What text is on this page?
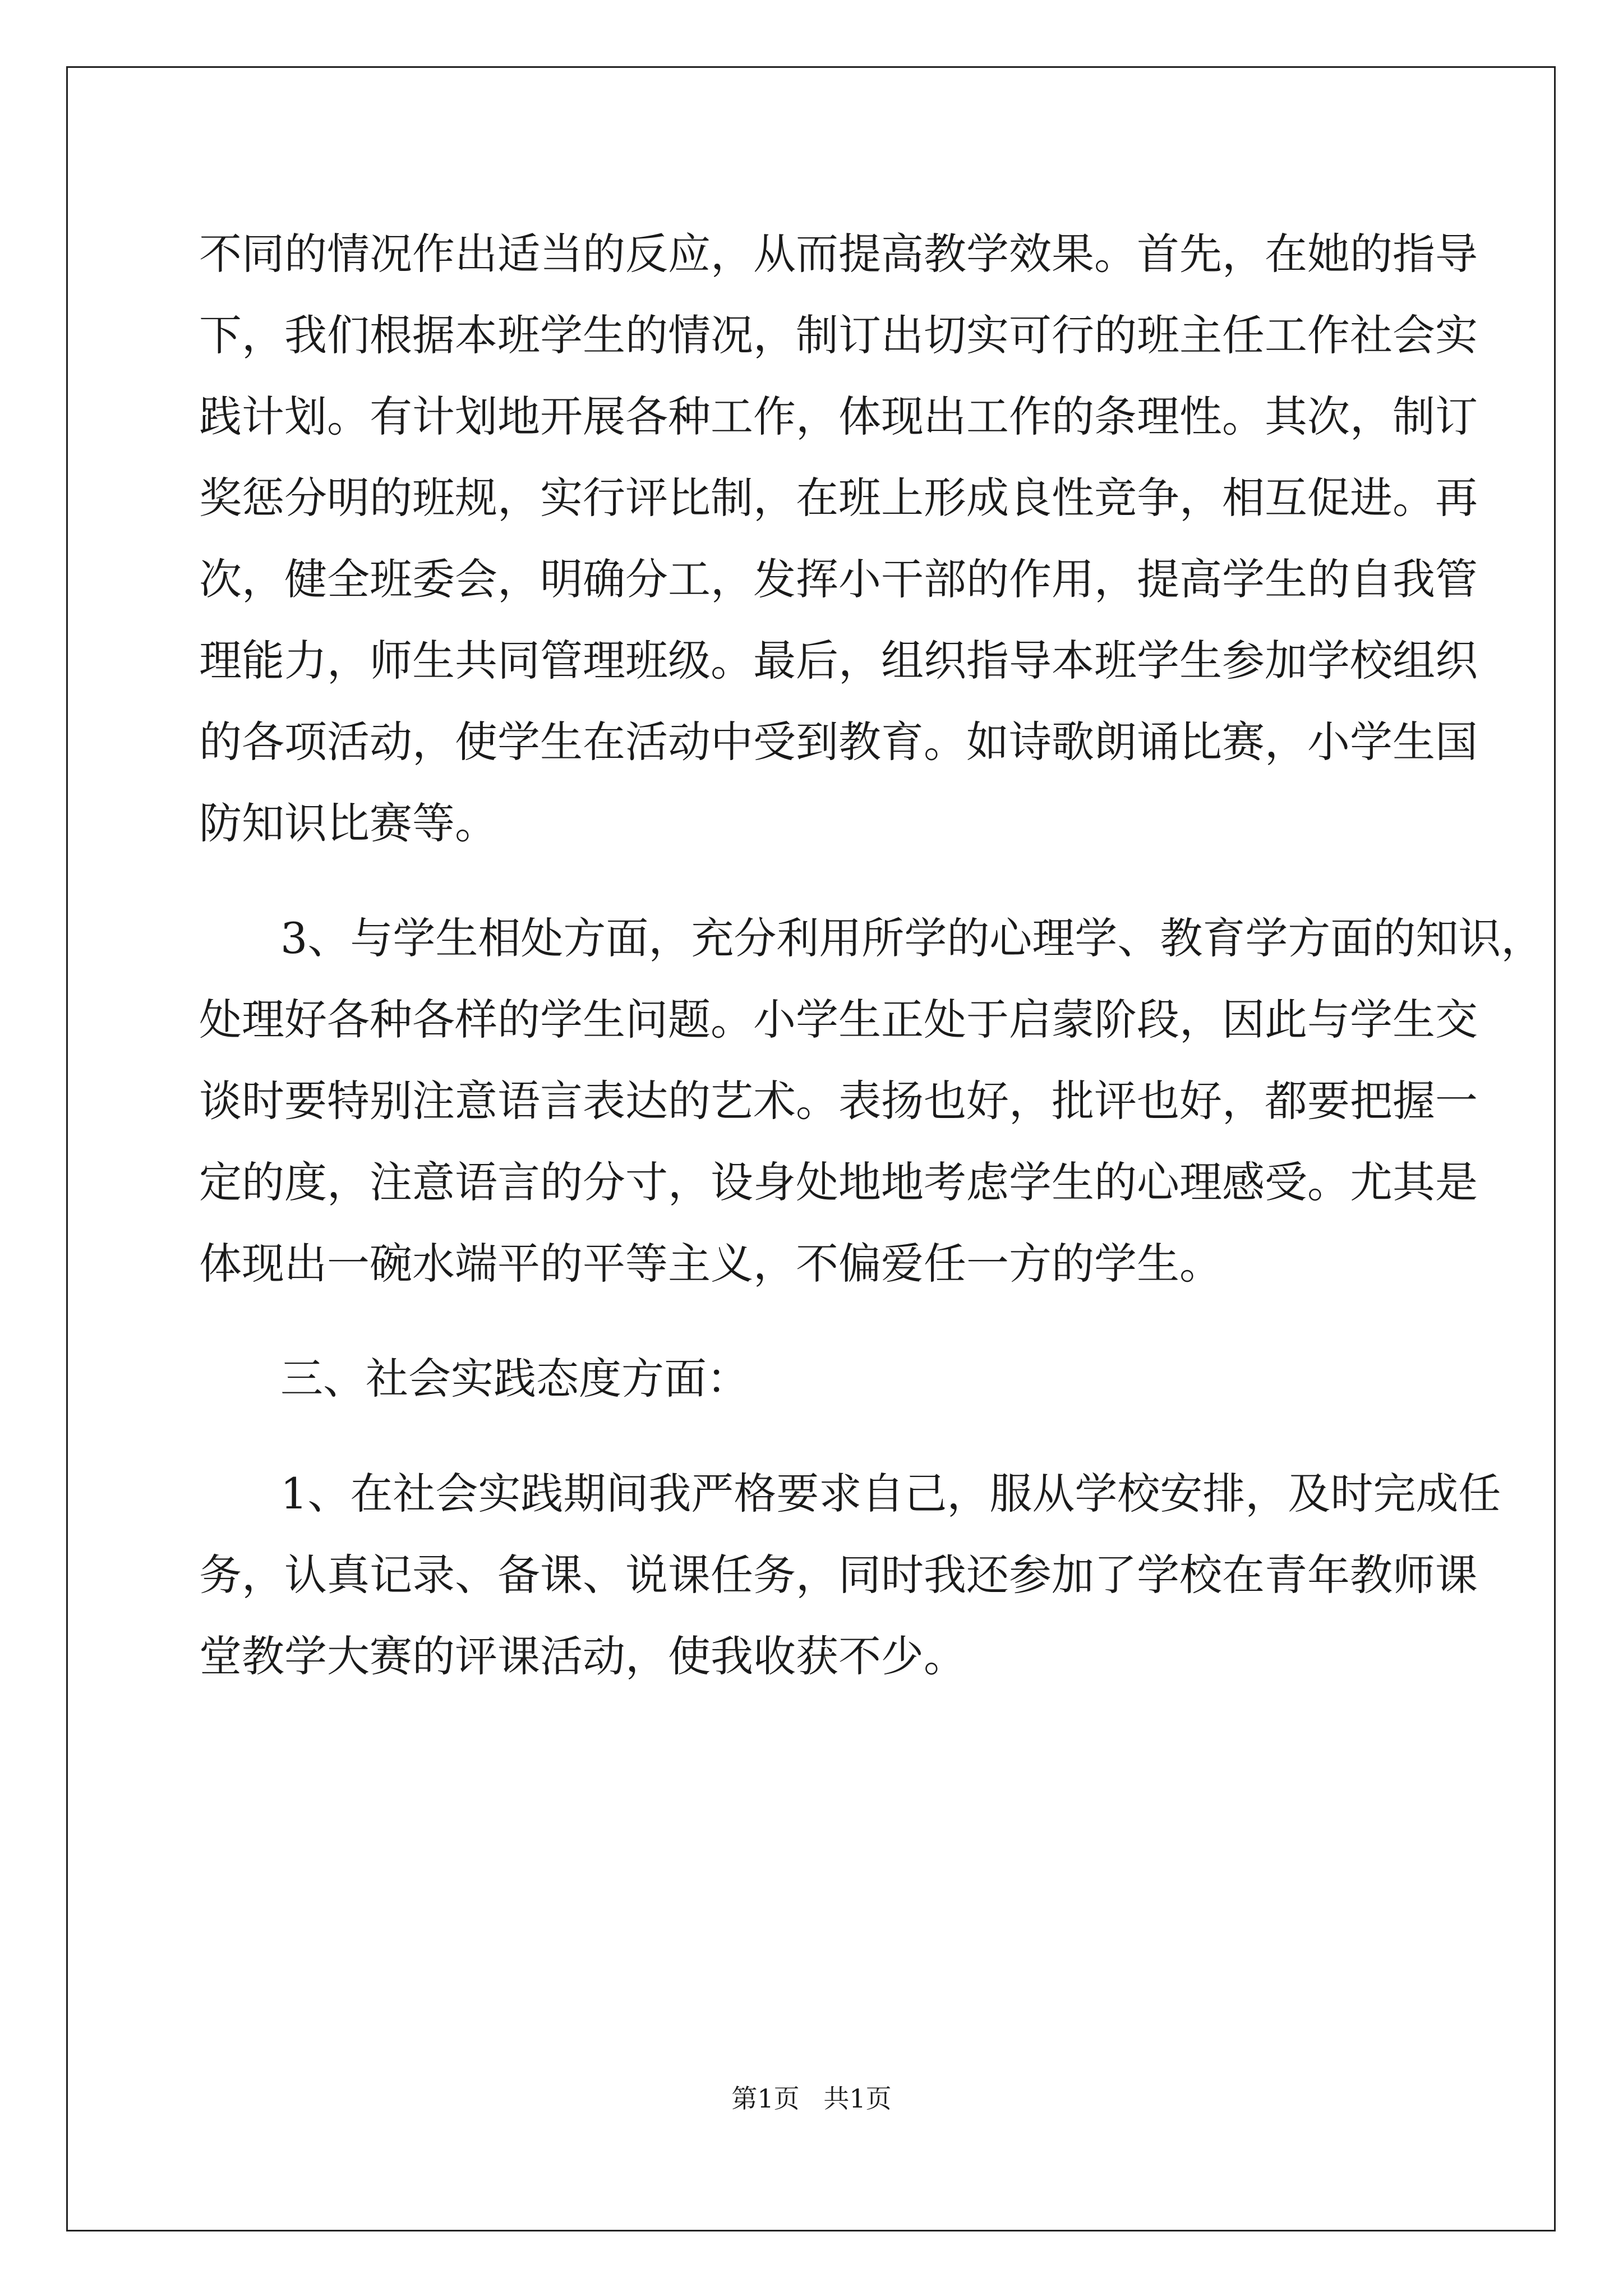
不同的情况作出适当的反应，从而提高教学效果。首先，在她的指导
下，我们根据本班学生的情况，制订出切实可行的班主任工作社会实
践计划。有计划地开展各种工作，体现出工作的条理性。其次，制订
奖惩分明的班规，实行评比制，在班上形成良性竞争，相互促进。再
次，健全班委会，明确分工，发挥小干部的作用，提高学生的自我管
理能力，师生共同管理班级。最后，组织指导本班学生参加学校组织
的各项活动，使学生在活动中受到教育。如诗歌朗诵比赛，小学生国
防知识比赛等。
3、与学生相处方面，充分利用所学的心理学、教育学方面的知识，
处理好各种各样的学生问题。小学生正处于启蒙阶段，因此与学生交
谈时要特别注意语言表达的艺术。表扬也好，批评也好，都要把握一
定的度，注意语言的分寸，设身处地地考虑学生的心理感受。尤其是
体现出一碗水端平的平等主义，不偏爱任一方的学生。
三、社会实践态度方面：
1、在社会实践期间我严格要求自己，服从学校安排，及时完成任
务，认真记录、备课、说课任务，同时我还参加了学校在青年教师课
堂教学大赛的评课活动，使我收获不少。
第1页 共1页
